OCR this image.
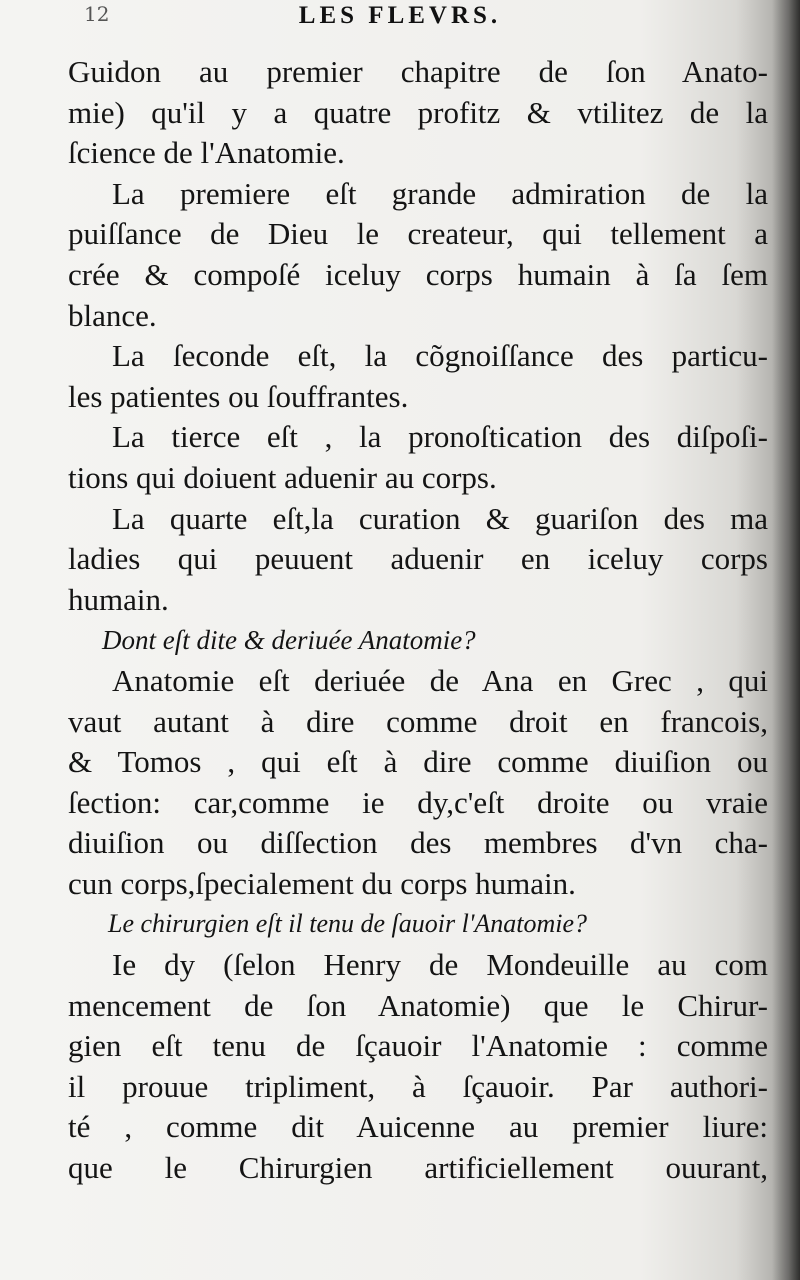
12	LES FLEVRS.
Guidon au premier chapitre de ſon Anato-
mie) qu'il y a quatre profitz & vtilitez de la
ſcience de l'Anatomie.
La premiere eſt grande admiration de la
puiſſance de Dieu le createur, qui tellement a
crée & compoſé iceluy corps humain à ſa ſem
blance.
La ſeconde eſt, la cõgnoiſſance des particu-
les patientes ou ſouffrantes.
La tierce eſt , la pronoſtication des diſpoſi-
tions qui doiuent aduenir au corps.
La quarte eſt,la curation & guariſon des ma
ladies qui peuuent aduenir en iceluy corps
humain.
Dont eſt dite & deriuée Anatomie?
Anatomie eſt deriuée de Ana en Grec , qui
vaut autant à dire comme droit en francois,
& Tomos , qui eſt à dire comme diuiſion ou
ſection: car,comme ie dy,c'eſt droite ou vraie
diuiſion ou diſſection des membres d'vn cha-
cun corps,ſpecialement du corps humain.
Le chirurgien eſt il tenu de ſauoir l'Anatomie?
Ie dy (ſelon Henry de Mondeuille au com
mencement de ſon Anatomie) que le Chirur-
gien eſt tenu de ſçauoir l'Anatomie : comme
il prouue tripliment, à ſçauoir. Par authori-
té , comme dit Auicenne au premier liure:
que le Chirurgien artificiellement ouurant,
